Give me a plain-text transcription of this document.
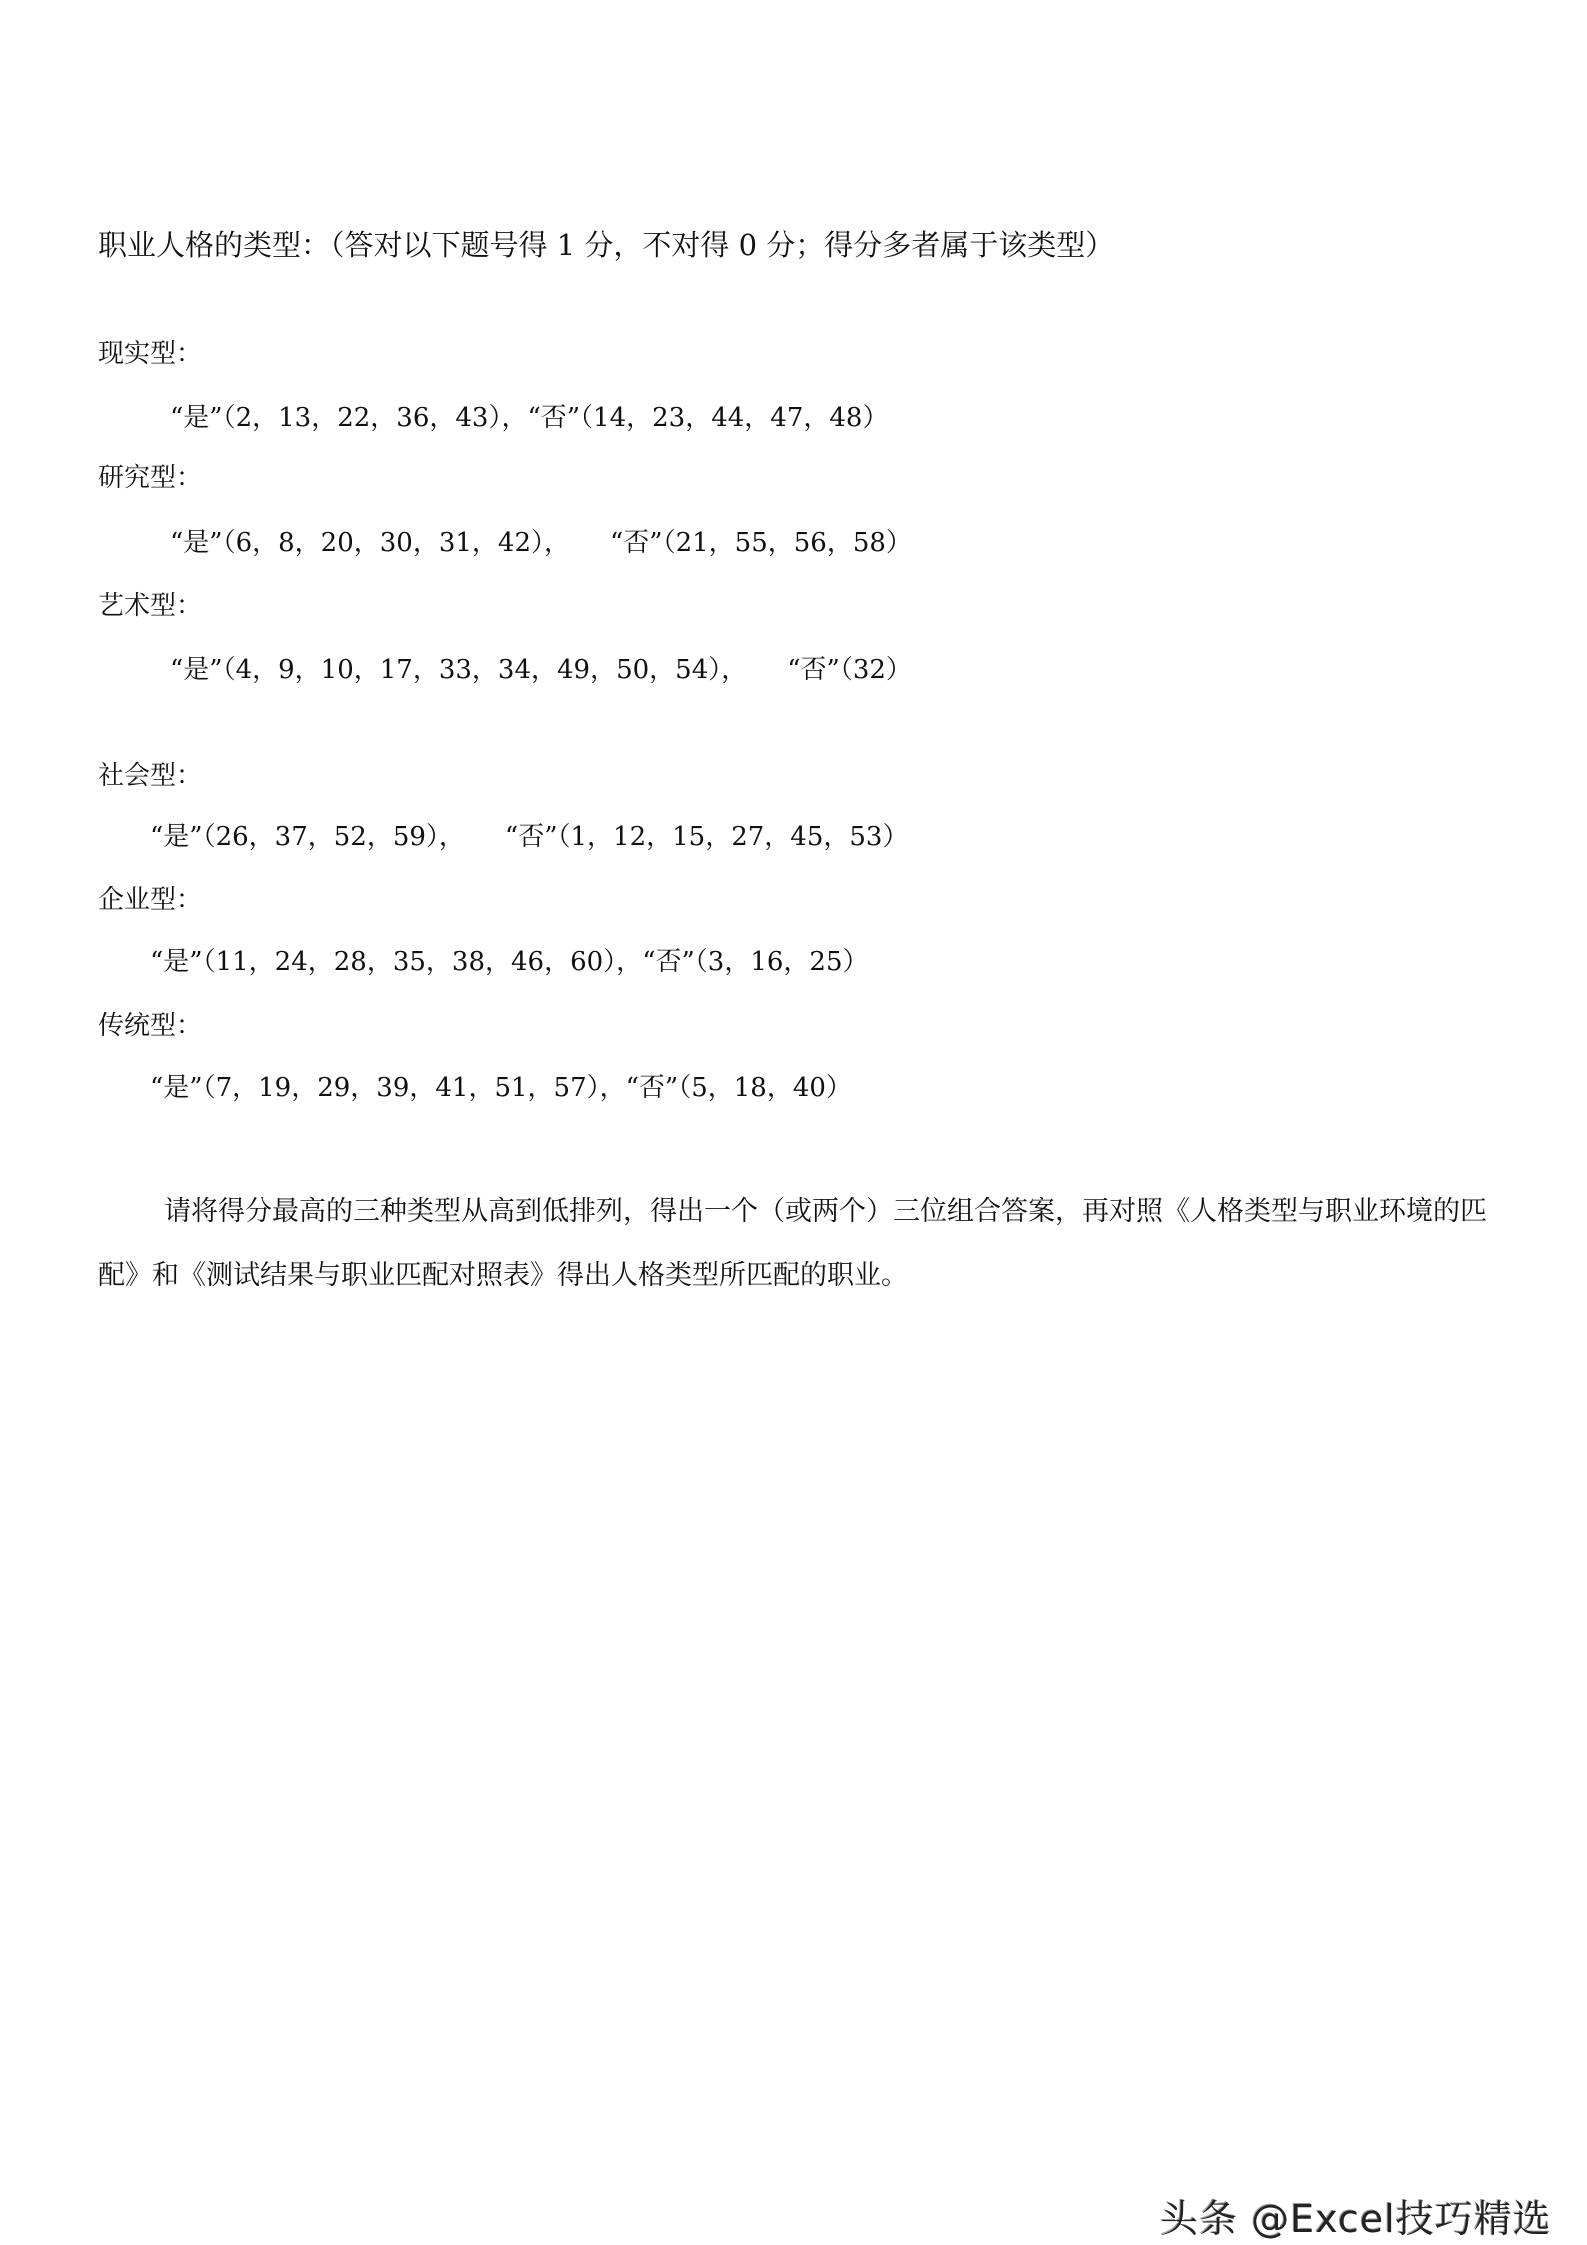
职业人格的类型：（答对以下题号得 1 分，不对得 0 分；得分多者属于该类型）
现实型：
“是”（2，13，22，36，43），“否”（14，23，44，47，48）
研究型：
“是”（6，8，20，30，31，42）， “否”（21，55，56，58）
艺术型：
“是”（4，9，10，17，33，34，49，50，54）， “否”（32）
社会型：
“是”（26，37，52，59）， “否”（1，12，15，27，45，53）
企业型：
“是”（11，24，28，35，38，46，60），“否”（3，16，25）
传统型：
“是”（7，19，29，39，41，51，57），“否”（5，18，40）
请将得分最高的三种类型从高到低排列，得出一个（或两个）三位组合答案，再对照《人格类型与职业环境的匹配》和《测试结果与职业匹配对照表》得出人格类型所匹配的职业。
头条 @Excel技巧精选
